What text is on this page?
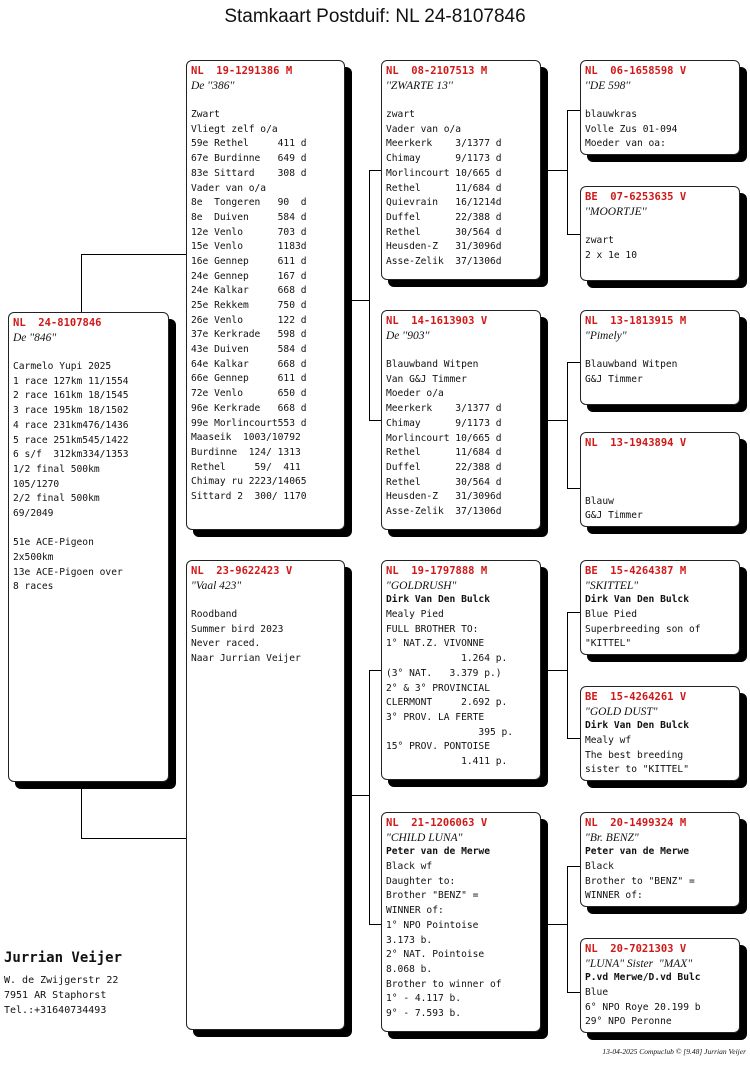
Stamkaart Postduif: NL 24-8107846
NL  24-8107846
De "846"
Carmelo Yupi 2025
1 race 127km 11/1554
2 race 161km 18/1545
3 race 195km 18/1502
4 race 231km476/1436
5 race 251km545/1422
6 s/f  312km334/1353
1/2 final 500km
105/1270
2/2 final 500km
69/2049
51e ACE-Pigeon
2x500km
13e ACE-Pigoen over
8 races
NL  19-1291386 M
De ''386''
Zwart
Vliegt zelf o/a
59e Rethel     411 d
67e Burdinne   649 d
83e Sittard    308 d
Vader van o/a
8e  Tongeren   90  d
8e  Duiven     584 d
12e Venlo      703 d
15e Venlo      1183d
16e Gennep     611 d
24e Gennep     167 d
24e Kalkar     668 d
25e Rekkem     750 d
26e Venlo      122 d
37e Kerkrade   598 d
43e Duiven     584 d
64e Kalkar     668 d
66e Gennep     611 d
72e Venlo      650 d
96e Kerkrade   668 d
99e Morlincourt553 d
Maaseik  1003/10792
Burdinne  124/ 1313
Rethel     59/  411
Chimay ru 2223/14065
Sittard 2  300/ 1170
NL  23-9622423 V
"Vaal 423"
Roodband
Summer bird 2023
Never raced.
Naar Jurrian Veijer
NL  08-2107513 M
''ZWARTE 13''
zwart
Vader van o/a
Meerkerk    3/1377 d
Chimay      9/1173 d
Morlincourt 10/665 d
Rethel      11/684 d
Quievrain   16/1214d
Duffel      22/388 d
Rethel      30/564 d
Heusden-Z   31/3096d
Asse-Zelik  37/1306d
NL  14-1613903 V
De ''903''
Blauwband Witpen
Van G&J Timmer
Moeder o/a
Meerkerk    3/1377 d
Chimay      9/1173 d
Morlincourt 10/665 d
Rethel      11/684 d
Duffel      22/388 d
Rethel      30/564 d
Heusden-Z   31/3096d
Asse-Zelik  37/1306d
NL  19-1797888 M
"GOLDRUSH"
Dirk Van Den Bulck
Mealy Pied
FULL BROTHER TO:
1° NAT.Z. VIVONNE
1.264 p.
(3° NAT.   3.379 p.)
2° & 3° PROVINCIAL
CLERMONT     2.692 p.
3° PROV. LA FERTE
395 p.
15° PROV. PONTOISE
1.411 p.
NL  21-1206063 V
"CHILD LUNA"
Peter van de Merwe
Black wf
Daughter to:
Brother "BENZ" =
WINNER of:
1° NPO Pointoise
3.173 b.
2° NAT. Pointoise
8.068 b.
Brother to winner of
1° - 4.117 b.
9° - 7.593 b.
NL  06-1658598 V
''DE 598''
blauwkras
Volle Zus 01-094
Moeder van oa:
BE  07-6253635 V
''MOORTJE''
zwart
2 x 1e 10
NL  13-1813915 M
"Pimely"
Blauwband Witpen
G&J Timmer
NL  13-1943894 V
Blauw
G&J Timmer
BE  15-4264387 M
"SKITTEL"
Dirk Van Den Bulck
Blue Pied
Superbreeding son of
"KITTEL"
BE  15-4264261 V
"GOLD DUST"
Dirk Van Den Bulck
Mealy wf
The best breeding
sister to "KITTEL"
NL  20-1499324 M
"Br. BENZ"
Peter van de Merwe
Black
Brother to "BENZ" =
WINNER of:
NL  20-7021303 V
"LUNA" Sister  "MAX"
P.vd Merwe/D.vd Bulc
Blue
6° NPO Roye 20.199 b
29° NPO Peronne
Jurrian Veijer
W. de Zwijgerstr 22
7951 AR Staphorst
Tel.:+31640734493
13-04-2025 Compuclub © [9.48] Jurrian Veijer
